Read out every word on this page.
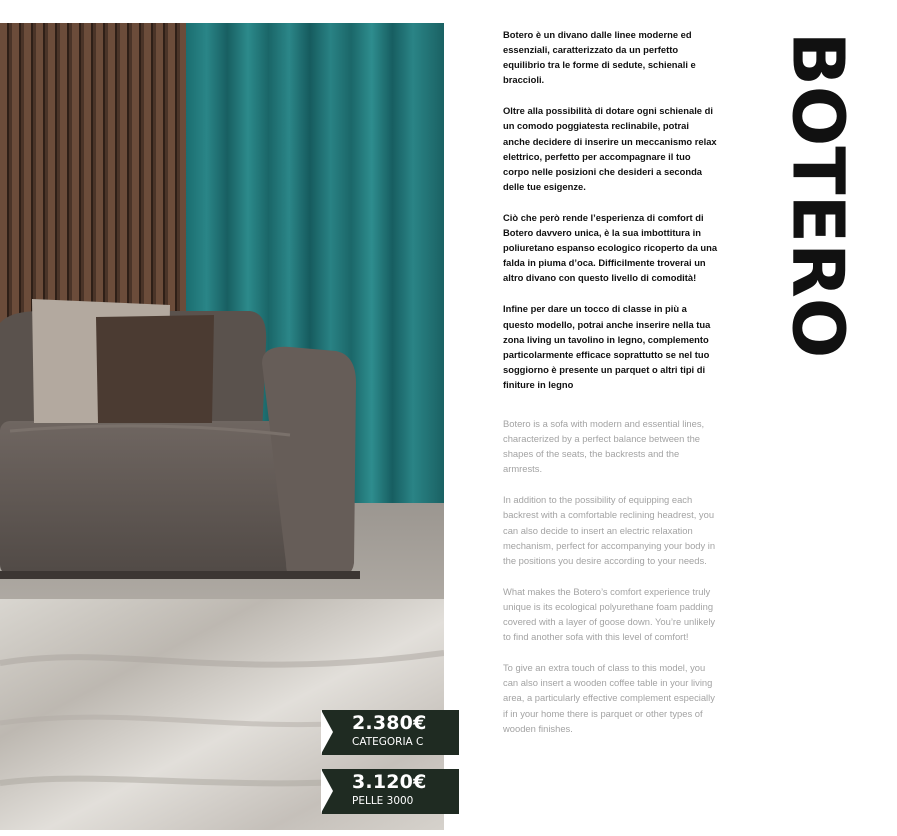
2.380€
CATEGORIA C
3.120€
PELLE 3000

Botero è un divano dalle linee moderne ed essenziali, caratterizzato da un perfetto equilibrio tra le forme di sedute, schienali e braccioli.

Oltre alla possibilità di dotare ogni schienale di un comodo poggiatesta reclinabile, potrai anche decidere di inserire un meccanismo relax elettrico, perfetto per accompagnare il tuo corpo nelle posizioni che desideri a seconda delle tue esigenze.

Ciò che però rende l’esperienza di comfort di Botero davvero unica, è la sua imbottitura in poliuretano espanso ecologico ricoperto da una falda in piuma d’oca. Difficilmente troverai un altro divano con questo livello di comodità!

Infine per dare un tocco di classe in più a questo modello, potrai anche inserire nella tua zona living un tavolino in legno, complemento particolarmente efficace soprattutto se nel tuo soggiorno è presente un parquet o altri tipi di finiture in legno

Botero is a sofa with modern and essential lines, characterized by a perfect balance between the shapes of the seats, the backrests and the armrests.

In addition to the possibility of equipping each backrest with a comfortable reclining headrest, you can also decide to insert an electric relaxation mechanism, perfect for accompanying your body in the positions you desire according to your needs.

What makes the Botero’s comfort experience truly unique is its ecological polyurethane foam padding covered with a layer of goose down. You’re unlikely to find another sofa with this level of comfort!

To give an extra touch of class to this model, you can also insert a wooden coffee table in your living area, a particularly effective complement especially if in your home there is parquet or other types of wooden finishes.

BOTERO
